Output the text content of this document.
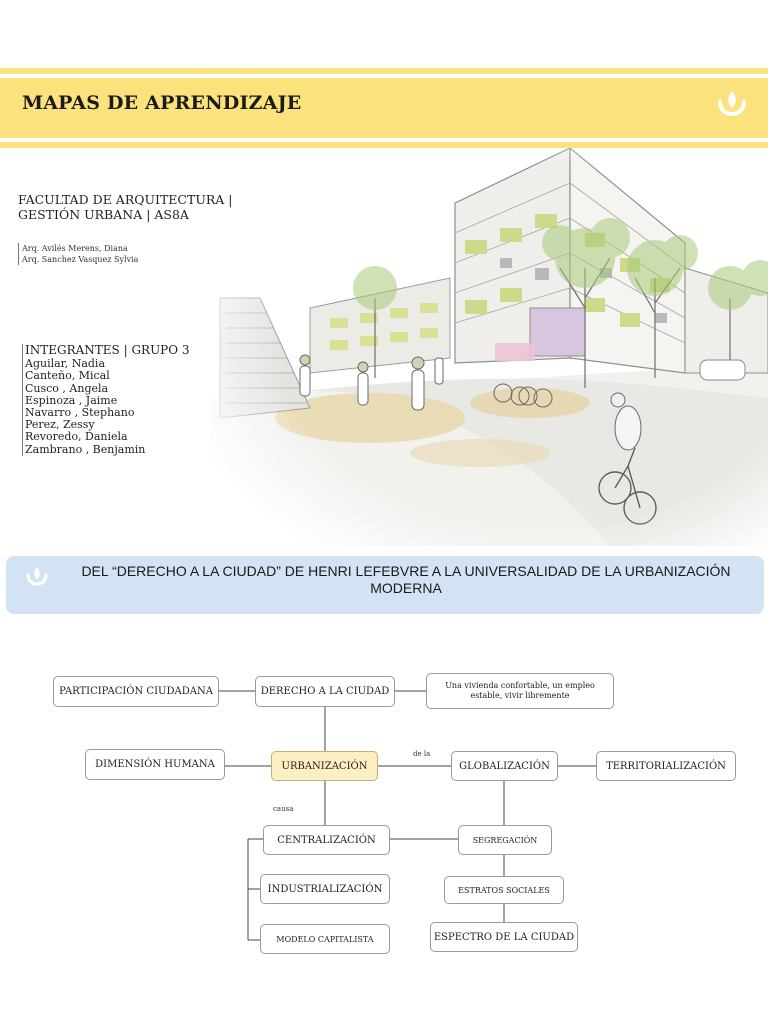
MAPAS DE APRENDIZAJE
FACULTAD DE ARQUITECTURA |
GESTIÓN URBANA | AS8A
Arq. Avilés Merens, Diana
Arq. Sanchez Vasquez Sylvia
INTEGRANTES | GRUPO 3
Aguilar, Nadia
Canteño, Mical
Cusco , Angela
Espinoza , Jaime
Navarro , Stephano
Perez, Zessy
Revoredo, Daniela
Zambrano , Benjamin
DEL “DERECHO A LA CIUDAD” DE HENRI LEFEBVRE A LA UNIVERSALIDAD DE LA URBANIZACIÓN
MODERNA
PARTICIPACIÓN CIUDADANA	DERECHO A LA CIUDAD
Una vivienda confortable, un empleo estable, vivir libremente
DIMENSIÓN HUMANA	URBANIZACIÓN	GLOBALIZACIÓN	TERRITORIALIZACIÓN
CENTRALIZACIÓN	SEGREGACIÓN
INDUSTRIALIZACIÓN	ESTRATOS SOCIALES
MODELO CAPITALISTA	ESPECTRO DE LA CIUDAD
de la
causa
